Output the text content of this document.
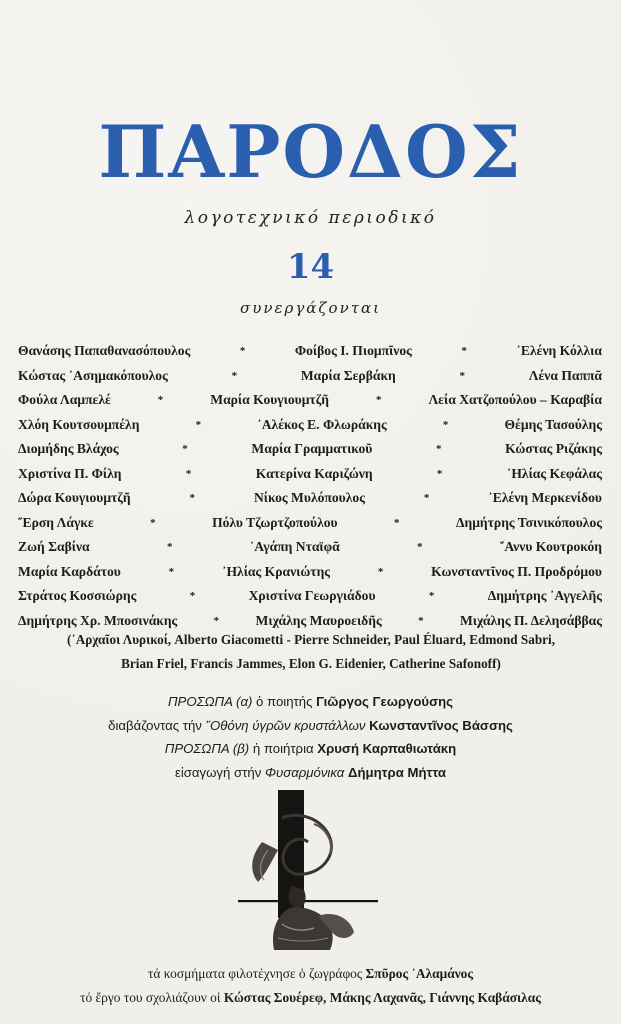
ΠΑΡΟΔΟΣ
λογοτεχνικό περιοδικό
14
συνεργάζονται
Θανάσης Παπαθανασόπουλος	*	Φοίβος Ι. Πιομπῖνος	*	᾿Ελένη Κόλλια
Κώστας ᾿Ασημακόπουλος	*	Μαρία Σερβάκη	*	Λένα Παππᾶ
Φούλα Λαμπελέ	*	Μαρία Κουγιουμτζῆ	*	Λεία Χατζοπούλου – Καραβία
Χλόη Κουτσουμπέλη	*	᾿Αλέκος Ε. Φλωράκης	*	Θέμης Τασούλης
Διομήδης Βλάχος	*	Μαρία Γραμματικοῦ	*	Κώστας Ριζάκης
Χριστίνα Π. Φίλη	*	Κατερίνα Καριζώνη	*	᾿Ηλίας Κεφάλας
Δώρα Κουγιουμτζῆ	*	Νίκος Μυλόπουλος	*	᾿Ελένη Μερκενίδου
῎Ερση Λάγκε	*	Πόλυ Τζωρτζοπούλου	*	Δημήτρης Τσινικόπουλος
Ζωή Σαβίνα	*	᾿Αγάπη Νταϊφᾶ	*	῎Αννυ Κουτροκόη
Μαρία Καρδάτου	*	᾿Ηλίας Κρανιώτης	*	Κωνσταντῖνος Π. Προδρόμου
Στράτος Κοσσιώρης	*	Χριστίνα Γεωργιάδου	*	Δημήτρης ᾿Αγγελῆς
Δημήτρης Χρ. Μποσινάκης	*	Μιχάλης Μαυροειδῆς	*	Μιχάλης Π. Δελησάββας
(᾿Αρχαῖοι Λυρικοί, Alberto Giacometti - Pierre Schneider, Paul Éluard, Edmond Sabri,
Brian Friel, Francis Jammes, Elon G. Eidenier, Catherine Safonoff)
ΠΡΟΣΩΠΑ (α) ὁ ποιητής Γιῶργος Γεωργούσης
διαβάζοντας τήν ῞Οθόνη ύγρῶν κρυστάλλων Κωνσταντῖνος Βάσσης
ΠΡΟΣΩΠΑ (β) ἡ ποιήτρια Χρυσή Καρπαθιωτάκη
εἰσαγωγή στήν Φυσαρμόνικα Δήμητρα Μήττα
τά κοσμήματα φιλοτέχνησε ὁ ζωγράφος Σπῦρος ᾿Αλαμάνος
τό ἔργο του σχολιάζουν οἱ Κώστας Σουέρεφ, Μάκης Λαχανᾶς, Γιάννης Καβάσιλας
